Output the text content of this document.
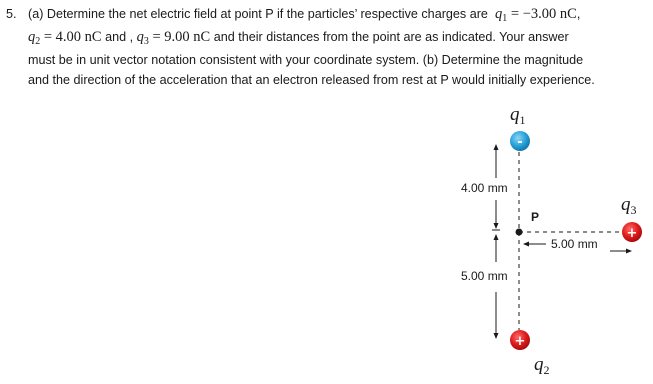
5. (a) Determine the net electric field at point P if the particles’ respective charges are $q_1 = -3.00$ nC,
$q_2 = 4.00$ nC and , $q_3 = 9.00$ nC and their distances from the point are as indicated. Your answer
must be in unit vector notation consistent with your coordinate system. (b) Determine the magnitude
and the direction of the acceleration that an electron released from rest at P would initially experience.
$q_1$
-
4.00 mm
P
5.00 mm
+
$q_2$
5.00 mm
$q_3$
+
